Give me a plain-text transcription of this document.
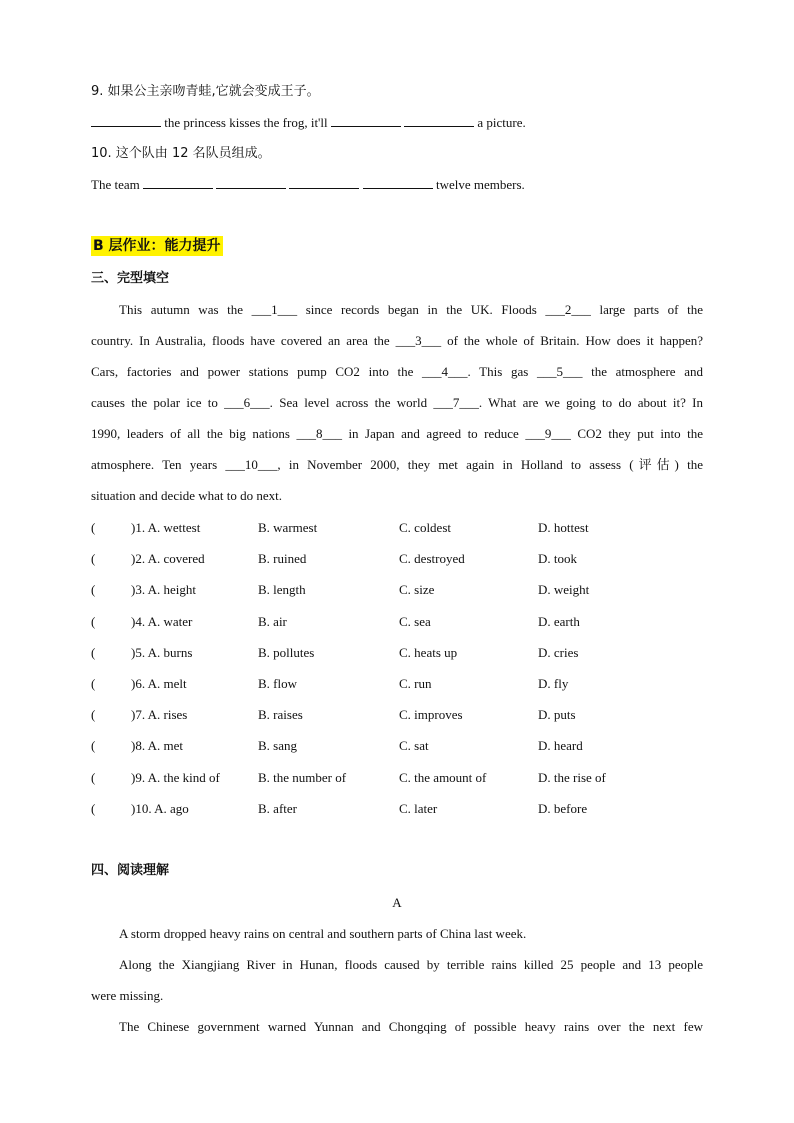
9. 如果公主亲吻青蛙,它就会变成王子。
the princess kisses the frog, it'll	a picture.
10. 这个队由 12 名队员组成。
The team	twelve members.
B 层作业：能力提升
三、完型填空
This autumn was the ___1___ since records began in the UK. Floods ___2___ large parts of the
country. In Australia, floods have covered an area the ___3___ of the whole of Britain. How does it happen?
Cars, factories and power stations pump CO2 into the ___4___. This gas ___5___ the atmosphere and
causes the polar ice to ___6___. Sea level across the world ___7___. What are we going to do about it? In
1990, leaders of all the big nations ___8___ in Japan and agreed to reduce ___9___ CO2 they put into the
atmosphere. Ten years ___10___, in November 2000, they met again in Holland to assess (评估) the
situation and decide what to do next.
(	)1. A. wettest	B. warmest	C. coldest	D. hottest
(	)2. A. covered	B. ruined	C. destroyed	D. took
(	)3. A. height	B. length	C. size	D. weight
(	)4. A. water	B. air	C. sea	D. earth
(	)5. A. burns	B. pollutes	C. heats up	D. cries
(	)6. A. melt	B. flow	C. run	D. fly
(	)7. A. rises	B. raises	C. improves	D. puts
(	)8. A. met	B. sang	C. sat	D. heard
(	)9. A. the kind of	B. the number of	C. the amount of	D. the rise of
(	)10. A. ago	B. after	C. later	D. before
四、阅读理解
A
A storm dropped heavy rains on central and southern parts of China last week.
Along the Xiangjiang River in Hunan, floods caused by terrible rains killed 25 people and 13 people
were missing.
The Chinese government warned Yunnan and Chongqing of possible heavy rains over the next few
